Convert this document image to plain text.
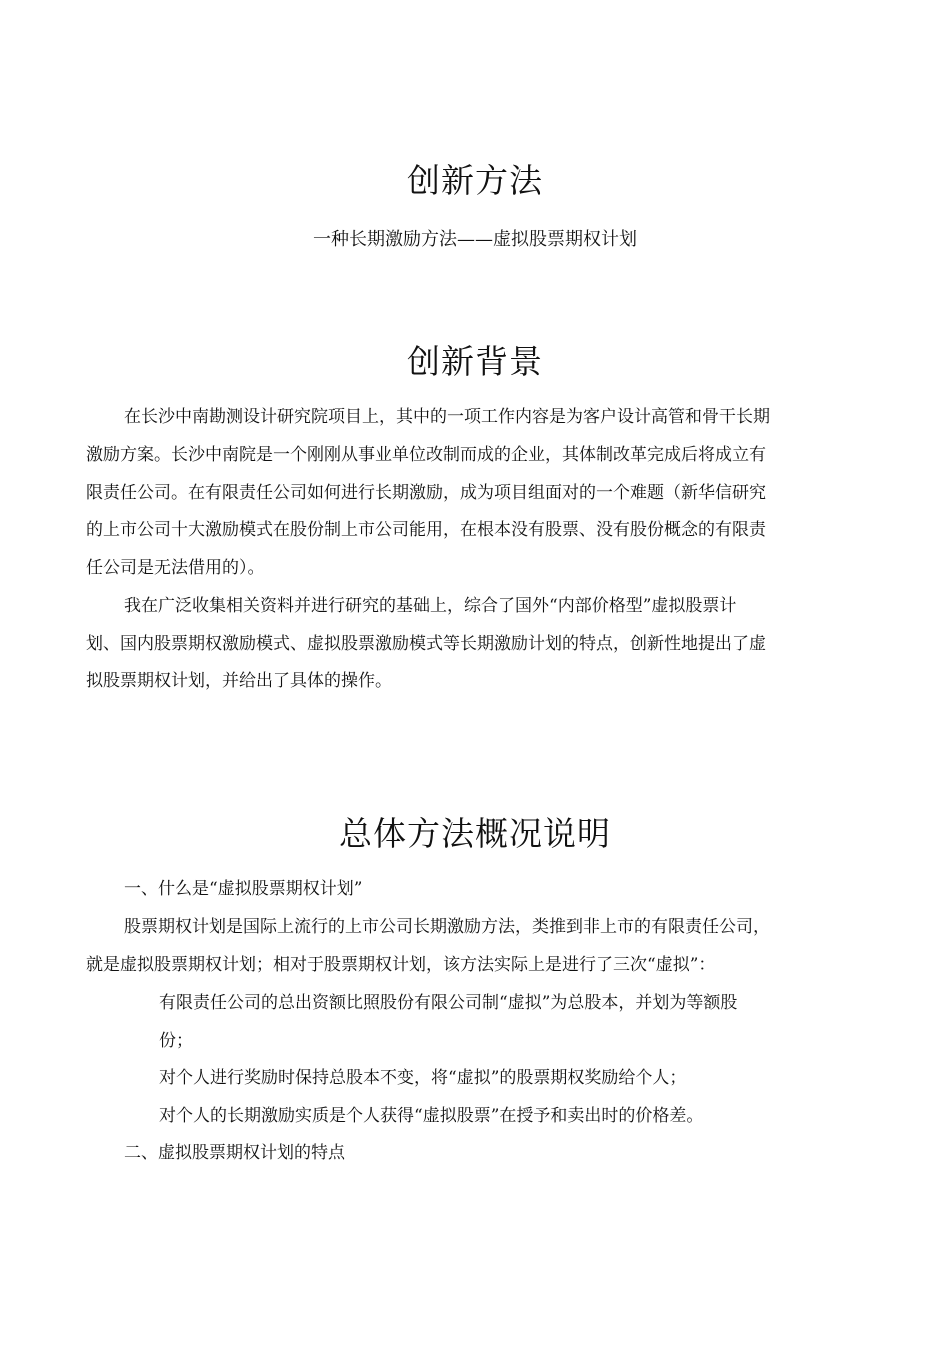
创新方法
一种长期激励方法——虚拟股票期权计划
创新背景
在长沙中南勘测设计研究院项目上，其中的一项工作内容是为客户设计高管和骨干长期
激励方案。长沙中南院是一个刚刚从事业单位改制而成的企业，其体制改革完成后将成立有
限责任公司。在有限责任公司如何进行长期激励，成为项目组面对的一个难题（新华信研究
的上市公司十大激励模式在股份制上市公司能用，在根本没有股票、没有股份概念的有限责
任公司是无法借用的）。
我在广泛收集相关资料并进行研究的基础上，综合了国外“内部价格型”虚拟股票计
划、国内股票期权激励模式、虚拟股票激励模式等长期激励计划的特点，创新性地提出了虚
拟股票期权计划，并给出了具体的操作。
总体方法概况说明
一、什么是“虚拟股票期权计划”
股票期权计划是国际上流行的上市公司长期激励方法，类推到非上市的有限责任公司，
就是虚拟股票期权计划；相对于股票期权计划，该方法实际上是进行了三次“虚拟”：
有限责任公司的总出资额比照股份有限公司制“虚拟”为总股本，并划为等额股
份；
对个人进行奖励时保持总股本不变，将“虚拟”的股票期权奖励给个人；
对个人的长期激励实质是个人获得“虚拟股票”在授予和卖出时的价格差。
二、虚拟股票期权计划的特点
